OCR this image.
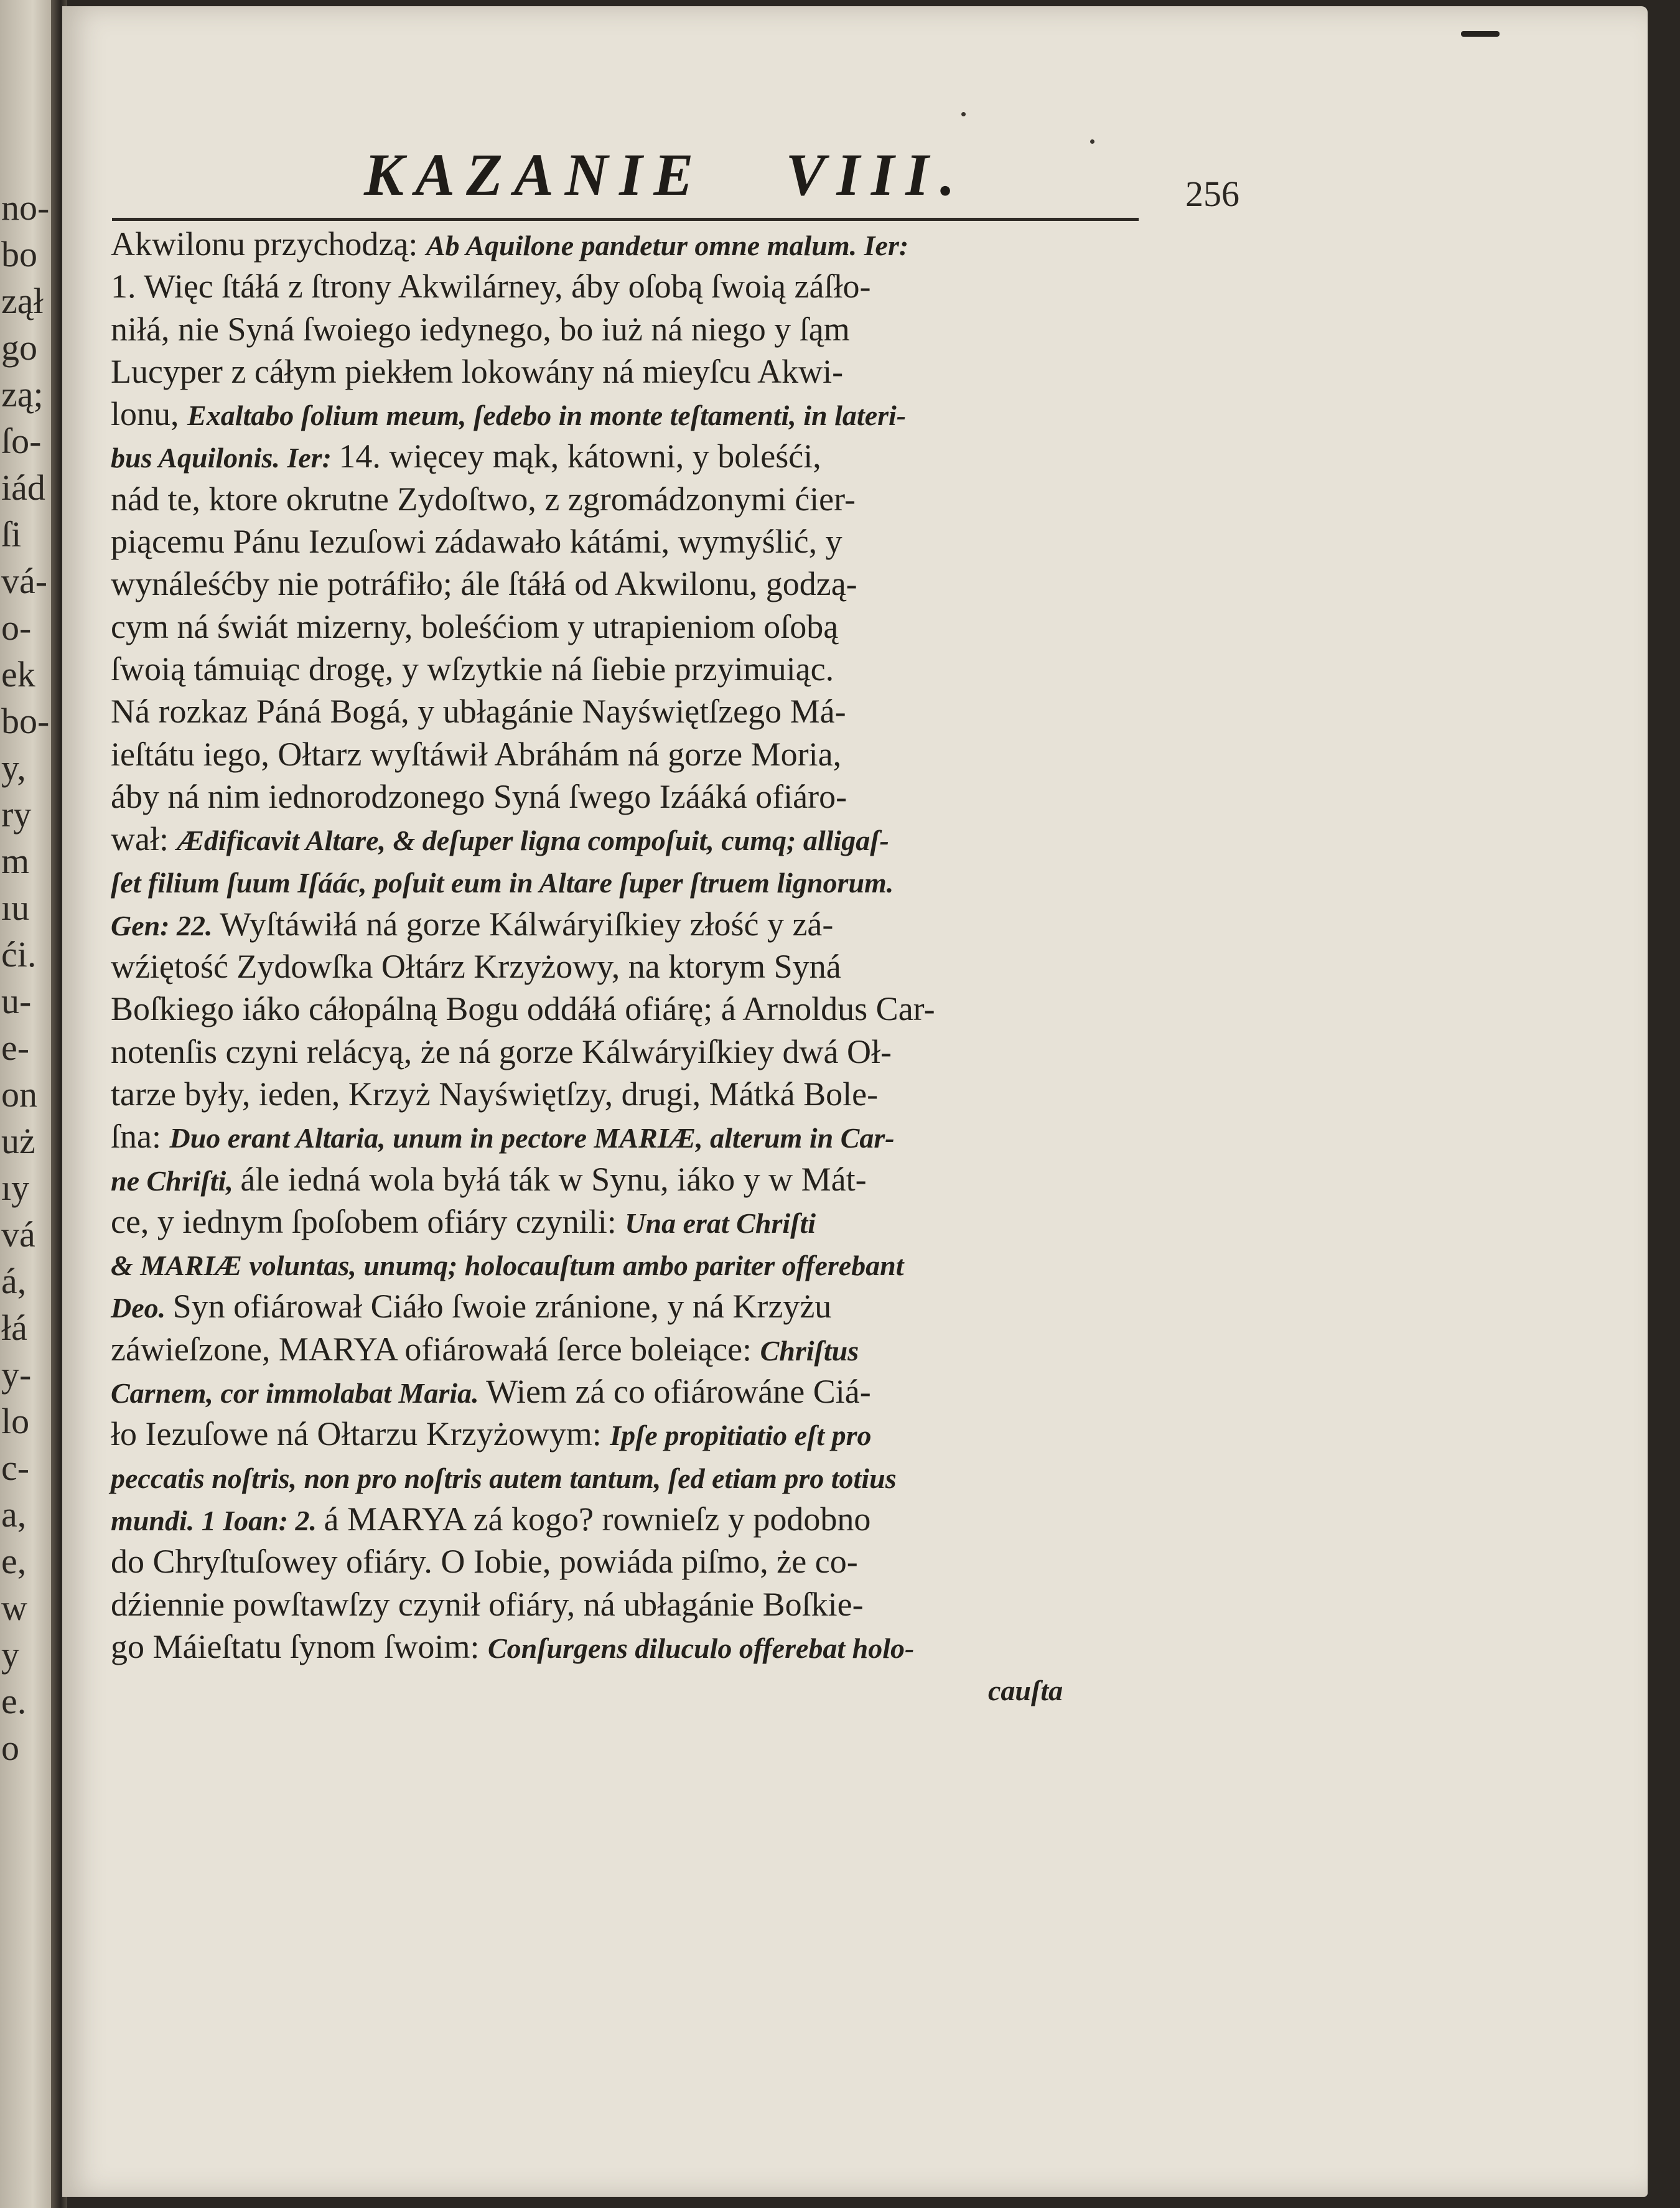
no-
bo
zął
go
zą;
ſo-
iád
ſi
vá-
o-
ek
bo-
y,
ry
m
ıu
ći.
u-
e-
on
uż
ıy
vá
á,
łá
y-
lo
c-
a,
e,
w
y
e.
o
KAZANIE VIII.	256
Akwilonu przychodzą: Ab Aquilone pandetur omne malum. Ier:
1. Więc ſtáłá z ſtrony Akwilárney, áby oſobą ſwoią záſło-
niłá, nie Syná ſwoiego iedynego, bo iuż ná niego y ſąm
Lucyper z cáłym piekłem lokowány ná mieyſcu Akwi-
lonu, Exaltabo ſolium meum, ſedebo in monte teſtamenti, in lateri-
bus Aquilonis. Ier: 14. więcey mąk, kátowni, y boleśći,
nád te, ktore okrutne Zydoſtwo, z zgromádzonymi ćier-
piącemu Pánu Iezuſowi zádawało kátámi, wymyślić, y
wynáleśćby nie potráfiło; ále ſtáłá od Akwilonu, godzą-
cym ná świát mizerny, boleśćiom y utrapieniom oſobą
ſwoią támuiąc drogę, y wſzytkie ná ſiebie przyimuiąc.
Ná rozkaz Páná Bogá, y ubłagánie Nayświętſzego Má-
ieſtátu iego, Ołtarz wyſtáwił Abráhám ná gorze Moria,
áby ná nim iednorodzonego Syná ſwego Izááká ofiáro-
wał: Ædificavit Altare, & deſuper ligna compoſuit, cumq; alligaſ-
ſet filium ſuum Iſáác, poſuit eum in Altare ſuper ſtruem lignorum.
Gen: 22. Wyſtáwiłá ná gorze Kálwáryiſkiey złość y zá-
wźiętość Zydowſka Ołtárz Krzyżowy, na ktorym Syná
Boſkiego iáko cáłopálną Bogu oddáłá ofiárę; á Arnoldus Car-
notenſis czyni relácyą, że ná gorze Kálwáryiſkiey dwá Oł-
tarze były, ieden, Krzyż Nayświętſzy, drugi, Mátká Bole-
ſna: Duo erant Altaria, unum in pectore MARIÆ, alterum in Car-
ne Chriſti, ále iedná wola byłá ták w Synu, iáko y w Mát-
ce, y iednym ſpoſobem ofiáry czynili: Una erat Chriſti
& MARIÆ voluntas, unumq; holocauſtum ambo pariter offerebant
Deo. Syn ofiárował Ciáło ſwoie zránione, y ná Krzyżu
záwieſzone, MARYA ofiárowałá ſerce boleiące: Chriſtus
Carnem, cor immolabat Maria. Wiem zá co ofiárowáne Ciá-
ło Iezuſowe ná Ołtarzu Krzyżowym: Ipſe propitiatio eſt pro
peccatis noſtris, non pro noſtris autem tantum, ſed etiam pro totius
mundi. 1 Ioan: 2. á MARYA zá kogo? rownieſz y podobno
do Chryſtuſowey ofiáry. O Iobie, powiáda piſmo, że co-
dźiennie powſtawſzy czynił ofiáry, ná ubłagánie Boſkie-
go Máieſtatu ſynom ſwoim: Conſurgens diluculo offerebat holo-
cauſta
